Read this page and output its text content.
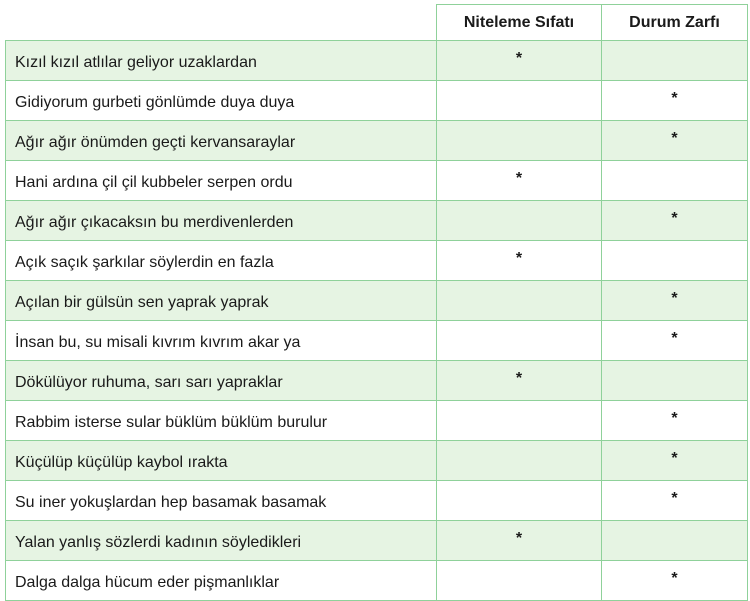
	Niteleme Sıfatı	Durum Zarfı
Kızıl kızıl atlılar geliyor uzaklardan	*	
Gidiyorum gurbeti gönlümde duya duya		*
Ağır ağır önümden geçti kervansaraylar		*
Hani ardına çil çil kubbeler serpen ordu	*	
Ağır ağır çıkacaksın bu merdivenlerden		*
Açık saçık şarkılar söylerdin en fazla	*	
Açılan bir gülsün sen yaprak yaprak		*
İnsan bu, su misali kıvrım kıvrım akar ya		*
Dökülüyor ruhuma, sarı sarı yapraklar	*	
Rabbim isterse sular büklüm büklüm burulur		*
Küçülüp küçülüp kaybol ırakta		*
Su iner yokuşlardan hep basamak basamak		*
Yalan yanlış sözlerdi kadının söyledikleri	*	
Dalga dalga hücum eder pişmanlıklar		*
